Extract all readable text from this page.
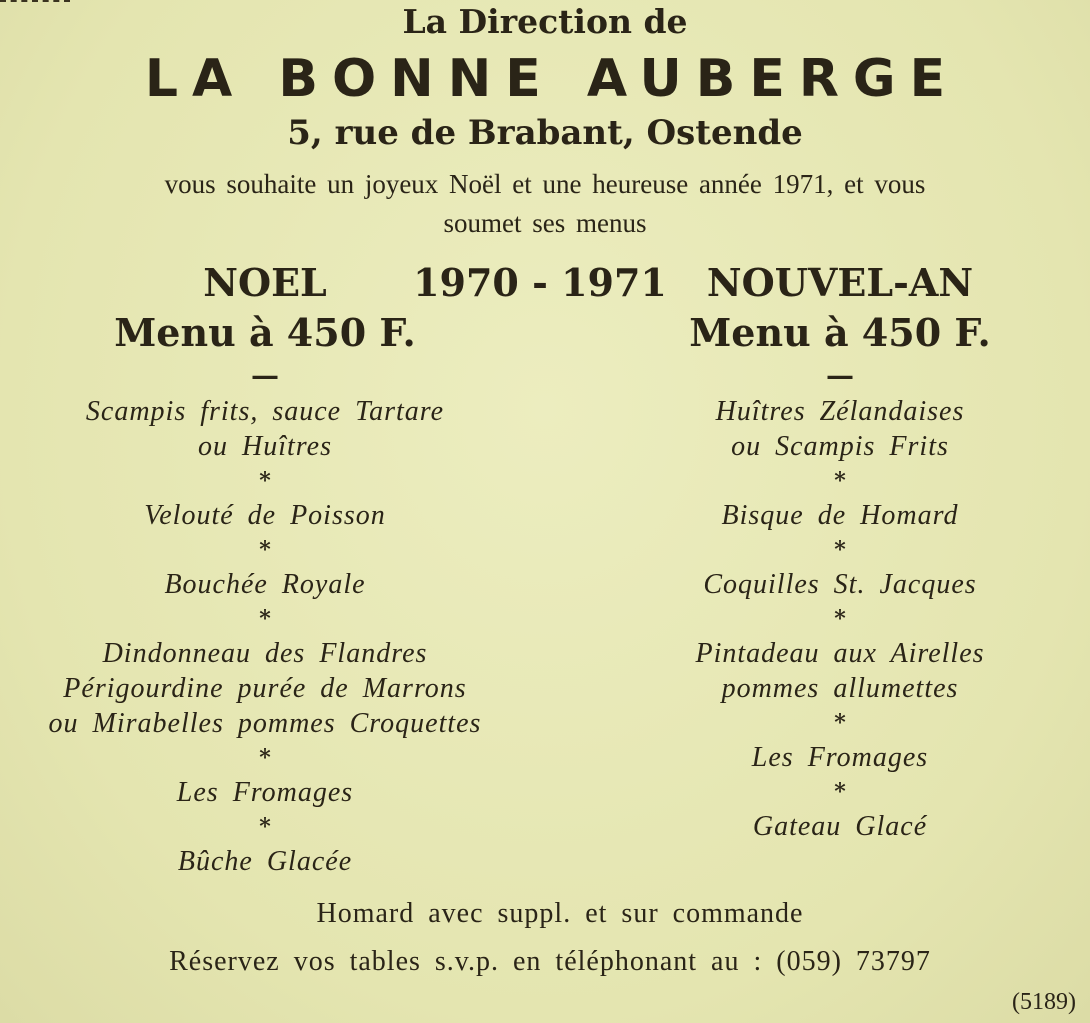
La Direction de
LA BONNE AUBERGE
5, rue de Brabant, Ostende
vous souhaite un joyeux Noël et une heureuse année 1971, et vous
soumet ses menus
1970 - 1971
NOEL
Menu à 450 F.
—
Scampis frits, sauce Tartare
ou Huîtres
*
Velouté de Poisson
*
Bouchée Royale
*
Dindonneau des Flandres
Périgourdine purée de Marrons
ou Mirabelles pommes Croquettes
*
Les Fromages
*
Bûche Glacée
NOUVEL-AN
Menu à 450 F.
—
Huîtres Zélandaises
ou Scampis Frits
*
Bisque de Homard
*
Coquilles St. Jacques
*
Pintadeau aux Airelles
pommes allumettes
*
Les Fromages
*
Gateau Glacé
Homard avec suppl. et sur commande
Réservez vos tables s.v.p. en téléphonant au : (059) 73797
(5189)
